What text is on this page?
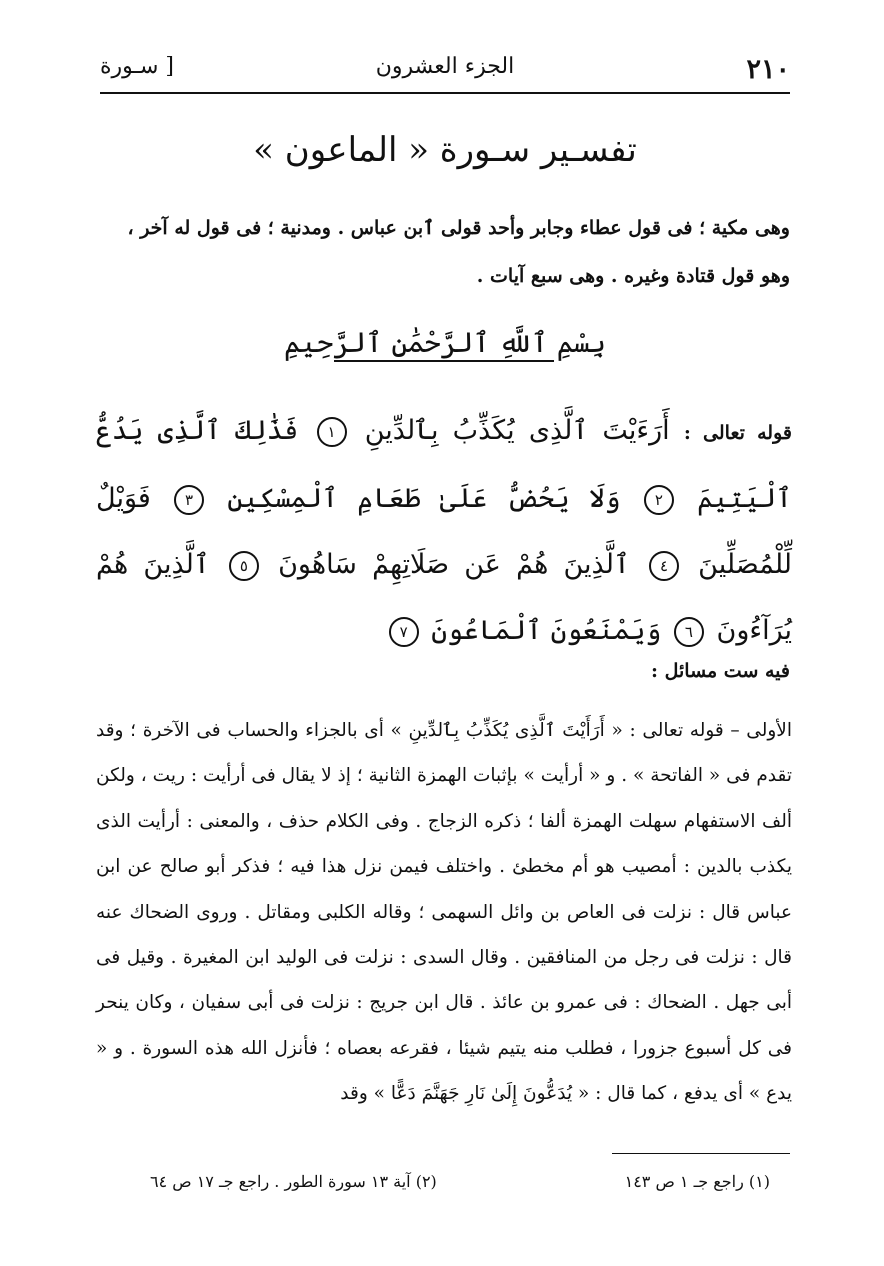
٢١٠
الجزء العشرون
[ سـورة
تفسـير سـورة « الماعون »
وهى مكية ؛ فى قول عطاء وجابر وأحد قولى ٱبن عباس . ومدنية ؛ فى قول له آخر ،
وهو قول قتادة وغيره . وهى سبع آيات .
بِسْمِ ٱللَّهِ ٱلرَّحْمَٰنِ ٱلرَّحِيمِ
قوله تعالى : أَرَءَيْتَ ٱلَّذِى يُكَذِّبُ بِٱلدِّينِ ١ فَذَٰلِكَ ٱلَّذِى يَدُعُّ ٱلْيَتِيمَ ٢ وَلَا يَحُضُّ عَلَىٰ طَعَامِ ٱلْمِسْكِينِ ٣ فَوَيْلٌ لِّلْمُصَلِّينَ ٤ ٱلَّذِينَ هُمْ عَن صَلَاتِهِمْ سَاهُونَ ٥ ٱلَّذِينَ هُمْ يُرَآءُونَ ٦ وَيَمْنَعُونَ ٱلْمَاعُونَ ٧
فيه ست مسائل :

الأولى – قوله تعالى : « أَرَأَيْتَ ٱلَّذِى يُكَذِّبُ بِٱلدِّينِ » أى بالجزاء والحساب فى الآخرة ؛ وقد تقدم فى « الفاتحة » . و « أرأيت » بإثبات الهمزة الثانية ؛ إذ لا يقال فى أرأيت : ريت ، ولكن ألف الاستفهام سهلت الهمزة ألفا ؛ ذكره الزجاج . وفى الكلام حذف ، والمعنى : أرأيت الذى يكذب بالدين : أمصيب هو أم مخطئ . واختلف فيمن نزل هذا فيه ؛ فذكر أبو صالح عن ابن عباس قال : نزلت فى العاص بن وائل السهمى ؛ وقاله الكلبى ومقاتل . وروى الضحاك عنه قال : نزلت فى رجل من المنافقين . وقال السدى : نزلت فى الوليد ابن المغيرة . وقيل فى أبى جهل . الضحاك : فى عمرو بن عائذ . قال ابن جريج : نزلت فى أبى سفيان ، وكان ينحر فى كل أسبوع جزورا ، فطلب منه يتيم شيئا ، فقرعه بعصاه ؛ فأنزل الله هذه السورة . و « يدع » أى يدفع ، كما قال : « يُدَعُّونَ إِلَىٰ نَارِ جَهَنَّمَ دَعًّا » وقد

(١) راجع جـ ١ ص ١٤٣
(٢) آية ١٣ سورة الطور . راجع جـ ١٧ ص ٦٤
